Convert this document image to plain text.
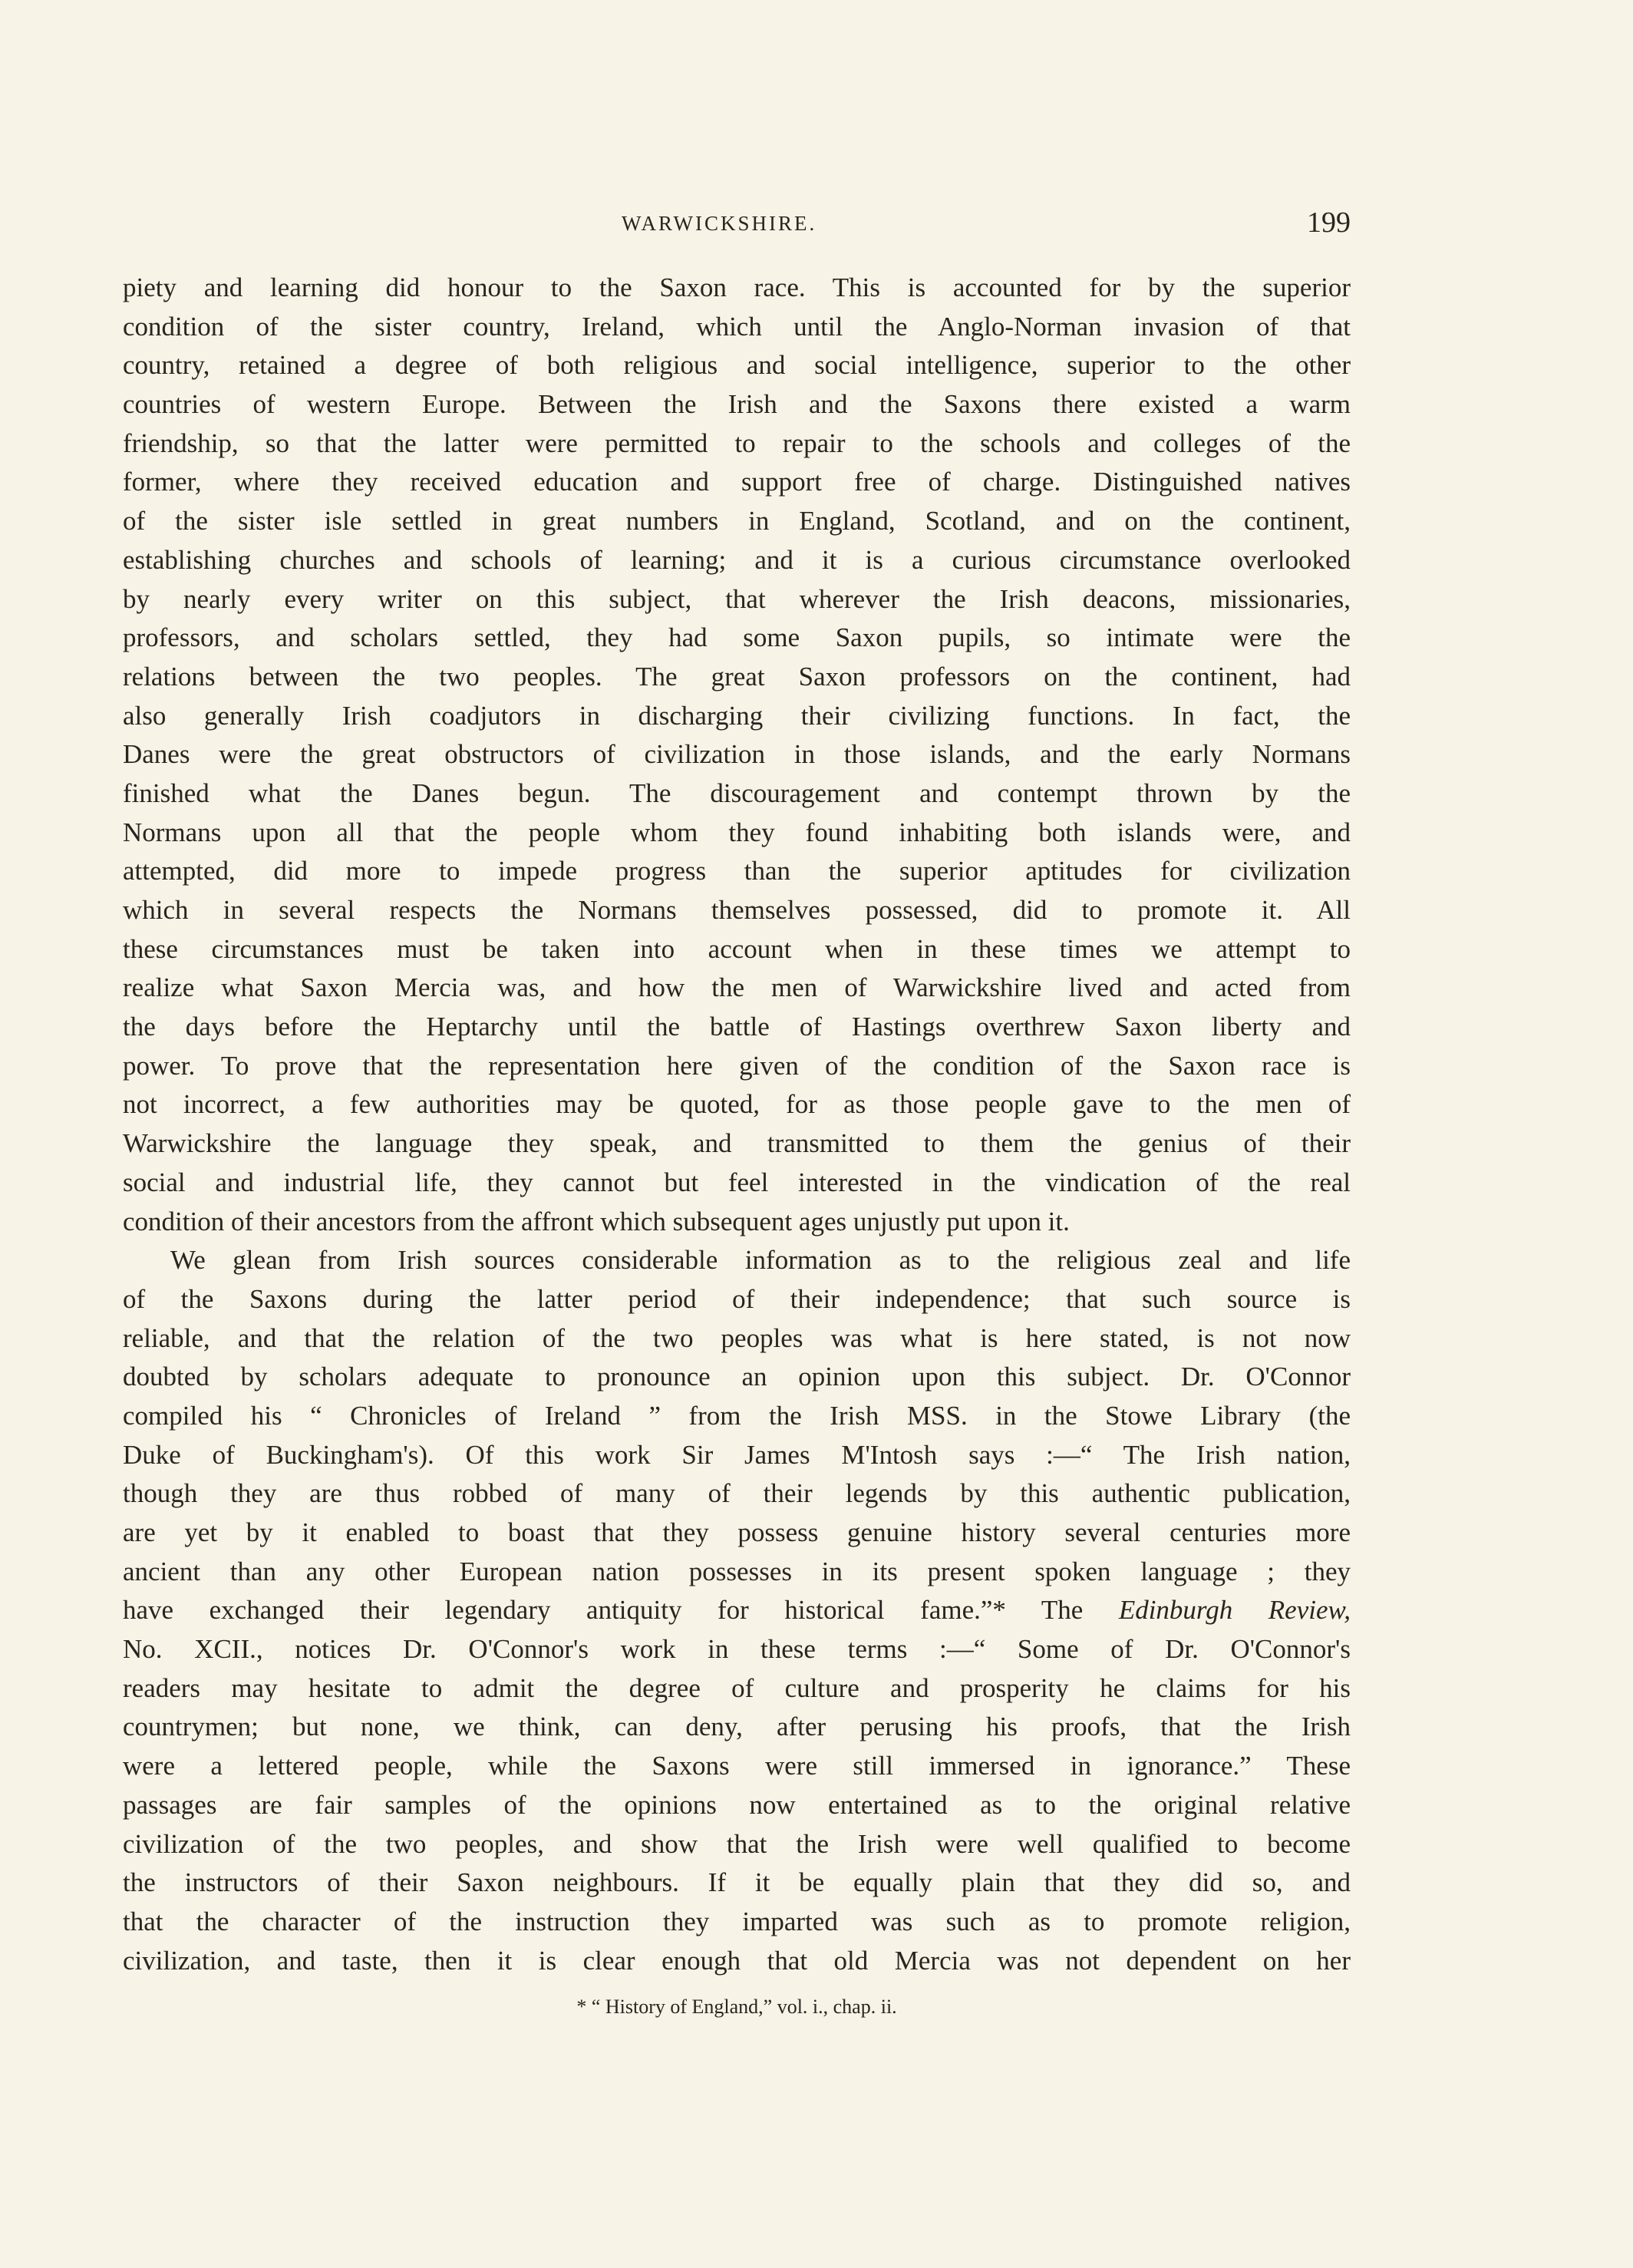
WARWICKSHIRE.	199
piety and learning did honour to the Saxon race. This is accounted for by the superior
condition of the sister country, Ireland, which until the Anglo-Norman invasion of that
country, retained a degree of both religious and social intelligence, superior to the other
countries of western Europe. Between the Irish and the Saxons there existed a warm
friendship, so that the latter were permitted to repair to the schools and colleges of the
former, where they received education and support free of charge. Distinguished natives
of the sister isle settled in great numbers in England, Scotland, and on the continent,
establishing churches and schools of learning; and it is a curious circumstance overlooked
by nearly every writer on this subject, that wherever the Irish deacons, missionaries,
professors, and scholars settled, they had some Saxon pupils, so intimate were the
relations between the two peoples. The great Saxon professors on the continent, had
also generally Irish coadjutors in discharging their civilizing functions. In fact, the
Danes were the great obstructors of civilization in those islands, and the early Normans
finished what the Danes begun. The discouragement and contempt thrown by the
Normans upon all that the people whom they found inhabiting both islands were, and
attempted, did more to impede progress than the superior aptitudes for civilization
which in several respects the Normans themselves possessed, did to promote it. All
these circumstances must be taken into account when in these times we attempt to
realize what Saxon Mercia was, and how the men of Warwickshire lived and acted from
the days before the Heptarchy until the battle of Hastings overthrew Saxon liberty and
power. To prove that the representation here given of the condition of the Saxon race is
not incorrect, a few authorities may be quoted, for as those people gave to the men of
Warwickshire the language they speak, and transmitted to them the genius of their
social and industrial life, they cannot but feel interested in the vindication of the real
condition of their ancestors from the affront which subsequent ages unjustly put upon it.
We glean from Irish sources considerable information as to the religious zeal and life
of the Saxons during the latter period of their independence; that such source is
reliable, and that the relation of the two peoples was what is here stated, is not now
doubted by scholars adequate to pronounce an opinion upon this subject. Dr. O'Connor
compiled his “ Chronicles of Ireland ” from the Irish MSS. in the Stowe Library (the
Duke of Buckingham's). Of this work Sir James M'Intosh says :—“ The Irish nation,
though they are thus robbed of many of their legends by this authentic publication,
are yet by it enabled to boast that they possess genuine history several centuries more
ancient than any other European nation possesses in its present spoken language ; they
have exchanged their legendary antiquity for historical fame.”* The Edinburgh Review,
No. XCII., notices Dr. O'Connor's work in these terms :—“ Some of Dr. O'Connor's
readers may hesitate to admit the degree of culture and prosperity he claims for his
countrymen; but none, we think, can deny, after perusing his proofs, that the Irish
were a lettered people, while the Saxons were still immersed in ignorance.” These
passages are fair samples of the opinions now entertained as to the original relative
civilization of the two peoples, and show that the Irish were well qualified to become
the instructors of their Saxon neighbours. If it be equally plain that they did so, and
that the character of the instruction they imparted was such as to promote religion,
civilization, and taste, then it is clear enough that old Mercia was not dependent on her
* “ History of England,” vol. i., chap. ii.
